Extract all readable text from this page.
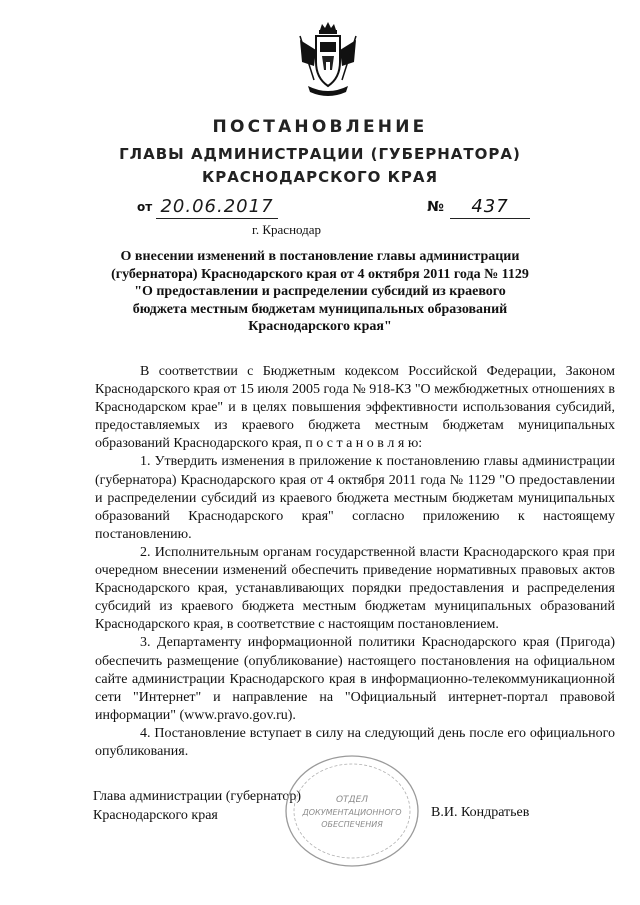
ПОСТАНОВЛЕНИЕ
ГЛАВЫ АДМИНИСТРАЦИИ (ГУБЕРНАТОРА)
КРАСНОДАРСКОГО КРАЯ
от 20.06.2017	№	437
г. Краснодар
О внесении изменений в постановление главы администрации (губернатора) Краснодарского края от 4 октября 2011 года № 1129 "О предоставлении и распределении субсидий из краевого бюджета местным бюджетам муниципальных образований Краснодарского края"

В соответствии с Бюджетным кодексом Российской Федерации, Законом Краснодарского края от 15 июля 2005 года № 918-КЗ "О межбюджетных отношениях в Краснодарском крае" и в целях повышения эффективности использования субсидий, предоставляемых из краевого бюджета местным бюджетам муниципальных образований Краснодарского края, п о с т а н о в л я ю:

1. Утвердить изменения в приложение к постановлению главы администрации (губернатора) Краснодарского края от 4 октября 2011 года № 1129 "О предоставлении и распределении субсидий из краевого бюджета местным бюджетам муниципальных образований Краснодарского края" согласно приложению к настоящему постановлению.

2. Исполнительным органам государственной власти Краснодарского края при очередном внесении изменений обеспечить приведение нормативных правовых актов Краснодарского края, устанавливающих порядки предоставления и распределения субсидий из краевого бюджета местным бюджетам муниципальных образований Краснодарского края, в соответствие с настоящим постановлением.

3. Департаменту информационной политики Краснодарского края (Пригода) обеспечить размещение (опубликование) настоящего постановления на официальном сайте администрации Краснодарского края в информационно-телекоммуникационной сети "Интернет" и направление на "Официальный интернет-портал правовой информации" (www.pravo.gov.ru).

4. Постановление вступает в силу на следующий день после его официального опубликования.

Глава администрации (губернатор)
Краснодарского края	В.И. Кондратьев
ОТДЕЛ
ДОКУМЕНТАЦИОННОГО
ОБЕСПЕЧЕНИЯ
